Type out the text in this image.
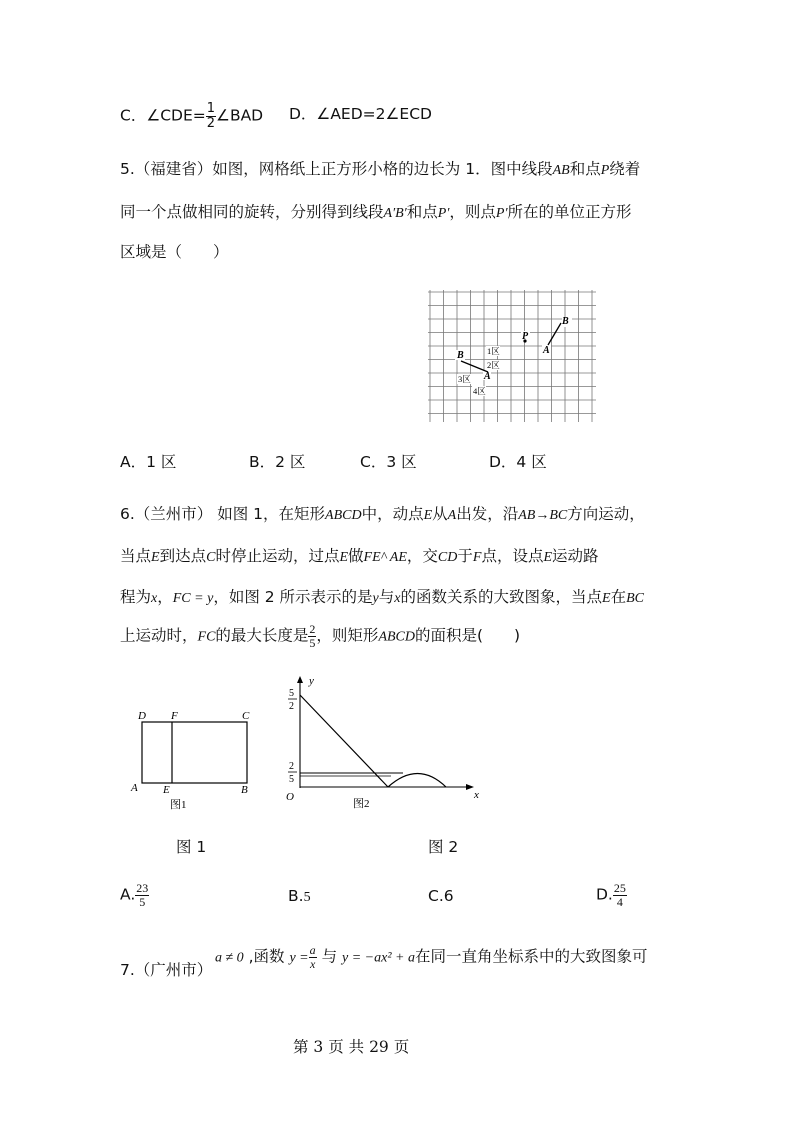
C．∠CDE= $\frac{1}{2}$ ∠BAD D．∠AED=2∠ECD
5.（福建省）如图，网格纸上正方形小格的边长为 1．图中线段AB和点P绕着
同一个点做相同的旋转，分别得到线段A′B′和点P′，则点P′所在的单位正方形
区域是（　　）
B
A
P
B
A
1区
2区
3区
4区
A．1 区	B．2 区	C．3 区	D．4 区
6.（兰州市） 如图 1，在矩形ABCD中，动点E从A出发，沿AB→BC方向运动，
当点E到达点C时停止运动，过点E做FE^ AE，交CD于F点，设点E运动路
程为x，FC = y，如图 2 所示表示的是y与x的函数关系的大致图象，当点E在BC
上运动时，FC的最大长度是 $\frac{2}{5}$ ，则矩形ABCD的面积是(　　)
D F	C
A E	B
图1
y
x
O
5
2
2
5
图2
图 1	图 2
A. $\frac{23}{5}$	B.5	C.6	D. $\frac{25}{4}$
7.（广州市）
a ≠ 0 ,函数 $y = \frac{a}{x}$ 与 y = −ax² + a在同一直角坐标系中的大致图象可
第 3 页 共 29 页
